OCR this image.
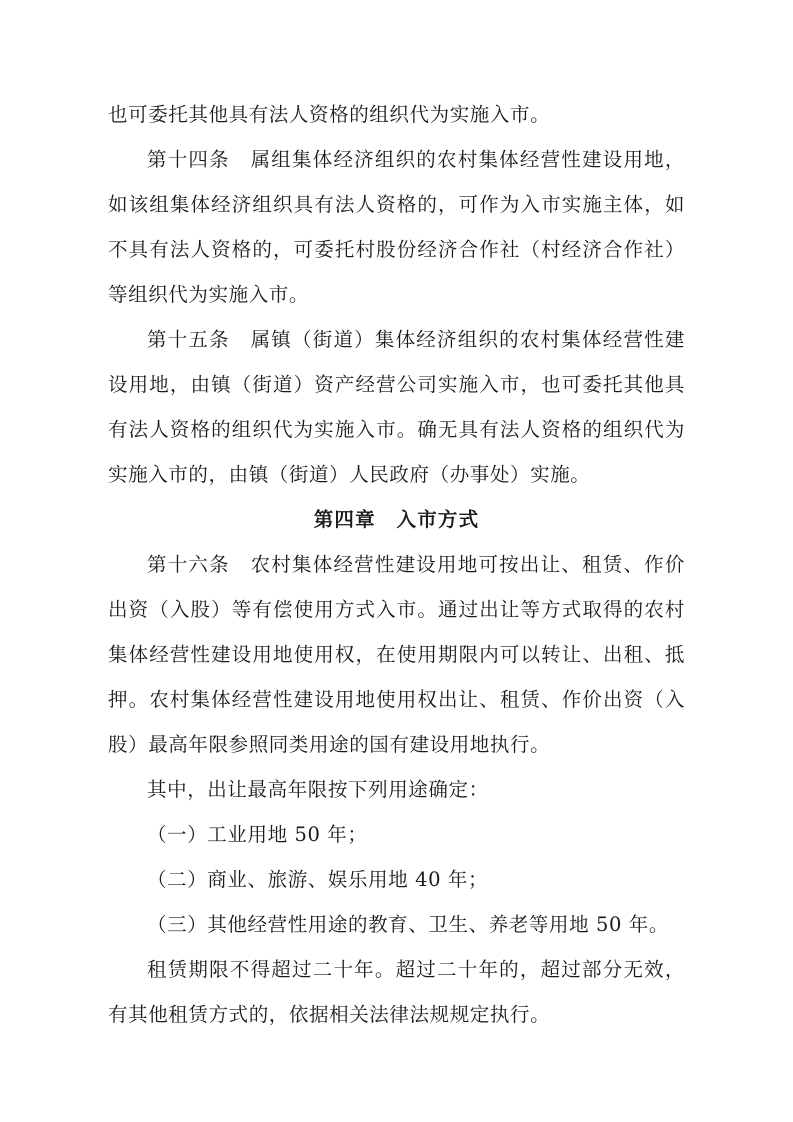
也可委托其他具有法人资格的组织代为实施入市。

第十四条　属组集体经济组织的农村集体经营性建设用地，如该组集体经济组织具有法人资格的，可作为入市实施主体，如不具有法人资格的，可委托村股份经济合作社（村经济合作社）等组织代为实施入市。

第十五条　属镇（街道）集体经济组织的农村集体经营性建设用地，由镇（街道）资产经营公司实施入市，也可委托其他具有法人资格的组织代为实施入市。确无具有法人资格的组织代为实施入市的，由镇（街道）人民政府（办事处）实施。

第四章　入市方式

第十六条　农村集体经营性建设用地可按出让、租赁、作价出资（入股）等有偿使用方式入市。通过出让等方式取得的农村集体经营性建设用地使用权，在使用期限内可以转让、出租、抵押。农村集体经营性建设用地使用权出让、租赁、作价出资（入股）最高年限参照同类用途的国有建设用地执行。

其中，出让最高年限按下列用途确定：

（一）工业用地 50 年；

（二）商业、旅游、娱乐用地 40 年；

（三）其他经营性用途的教育、卫生、养老等用地 50 年。

租赁期限不得超过二十年。超过二十年的，超过部分无效，有其他租赁方式的，依据相关法律法规规定执行。
